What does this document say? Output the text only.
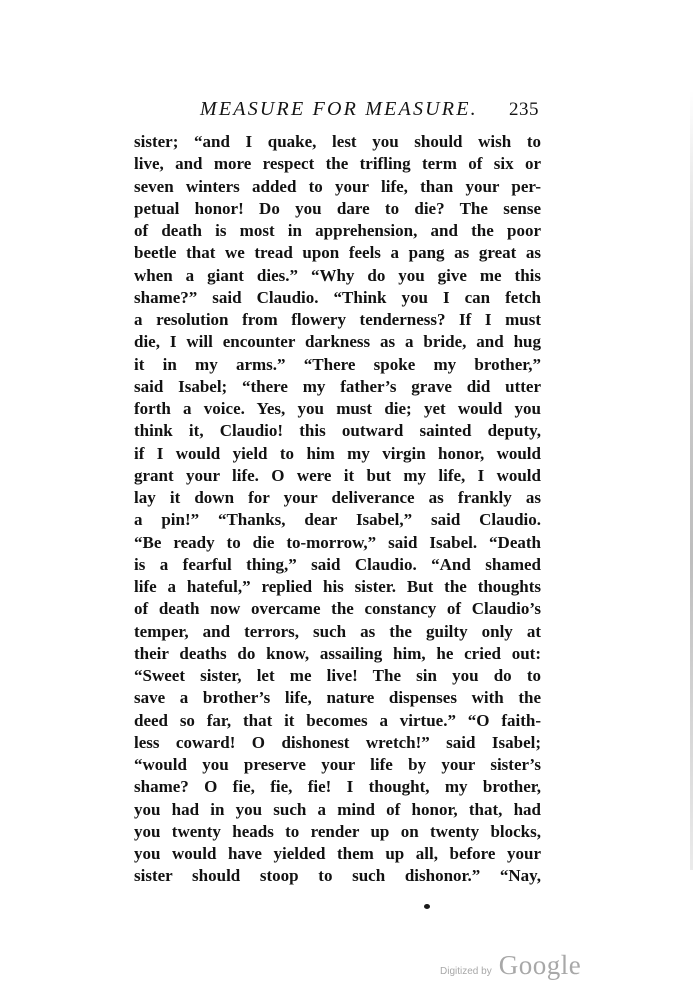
MEASURE FOR MEASURE. 235
sister; “and I quake, lest you should wish to
live, and more respect the trifling term of six or
seven winters added to your life, than your per-
petual honor! Do you dare to die? The sense
of death is most in apprehension, and the poor
beetle that we tread upon feels a pang as great as
when a giant dies.” “Why do you give me this
shame?” said Claudio. “Think you I can fetch
a resolution from flowery tenderness? If I must
die, I will encounter darkness as a bride, and hug
it in my arms.” “There spoke my brother,”
said Isabel; “there my father’s grave did utter
forth a voice. Yes, you must die; yet would you
think it, Claudio! this outward sainted deputy,
if I would yield to him my virgin honor, would
grant your life. O were it but my life, I would
lay it down for your deliverance as frankly as
a pin!” “Thanks, dear Isabel,” said Claudio.
“Be ready to die to-morrow,” said Isabel. “Death
is a fearful thing,” said Claudio. “And shamed
life a hateful,” replied his sister. But the thoughts
of death now overcame the constancy of Claudio’s
temper, and terrors, such as the guilty only at
their deaths do know, assailing him, he cried out:
“Sweet sister, let me live! The sin you do to
save a brother’s life, nature dispenses with the
deed so far, that it becomes a virtue.” “O faith-
less coward! O dishonest wretch!” said Isabel;
“would you preserve your life by your sister’s
shame? O fie, fie, fie! I thought, my brother,
you had in you such a mind of honor, that, had
you twenty heads to render up on twenty blocks,
you would have yielded them up all, before your
sister should stoop to such dishonor.” “Nay,
Digitized by Google
